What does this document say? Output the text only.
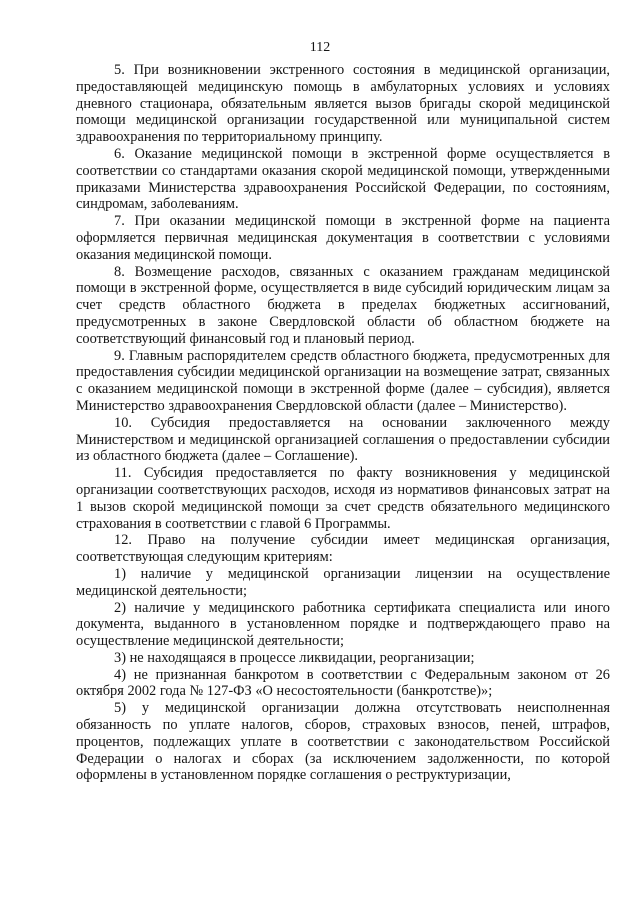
112

5. При возникновении экстренного состояния в медицинской организации, предоставляющей медицинскую помощь в амбулаторных условиях и условиях дневного стационара, обязательным является вызов бригады скорой медицинской помощи медицинской организации государственной или муниципальной систем здравоохранения по территориальному принципу.

6. Оказание медицинской помощи в экстренной форме осуществляется в соответствии со стандартами оказания скорой медицинской помощи, утвержденными приказами Министерства здравоохранения Российской Федерации, по состояниям, синдромам, заболеваниям.

7. При оказании медицинской помощи в экстренной форме на пациента оформляется первичная медицинская документация в соответствии с условиями оказания медицинской помощи.

8. Возмещение расходов, связанных с оказанием гражданам медицинской помощи в экстренной форме, осуществляется в виде субсидий юридическим лицам за счет средств областного бюджета в пределах бюджетных ассигнований, предусмотренных в законе Свердловской области об областном бюджете на соответствующий финансовый год и плановый период.

9. Главным распорядителем средств областного бюджета, предусмотренных для предоставления субсидии медицинской организации на возмещение затрат, связанных с оказанием медицинской помощи в экстренной форме (далее – субсидия), является Министерство здравоохранения Свердловской области (далее – Министерство).

10. Субсидия предоставляется на основании заключенного между Министерством и медицинской организацией соглашения о предоставлении субсидии из областного бюджета (далее – Соглашение).

11. Субсидия предоставляется по факту возникновения у медицинской организации соответствующих расходов, исходя из нормативов финансовых затрат на 1 вызов скорой медицинской помощи за счет средств обязательного медицинского страхования в соответствии с главой 6 Программы.

12. Право на получение субсидии имеет медицинская организация, соответствующая следующим критериям:

1) наличие у медицинской организации лицензии на осуществление медицинской деятельности;

2) наличие у медицинского работника сертификата специалиста или иного документа, выданного в установленном порядке и подтверждающего право на осуществление медицинской деятельности;

3) не находящаяся в процессе ликвидации, реорганизации;

4) не признанная банкротом в соответствии с Федеральным законом от 26 октября 2002 года № 127-ФЗ «О несостоятельности (банкротстве)»;

5) у медицинской организации должна отсутствовать неисполненная обязанность по уплате налогов, сборов, страховых взносов, пеней, штрафов, процентов, подлежащих уплате в соответствии с законодательством Российской Федерации о налогах и сборах (за исключением задолженности, по которой оформлены в установленном порядке соглашения о реструктуризации,
